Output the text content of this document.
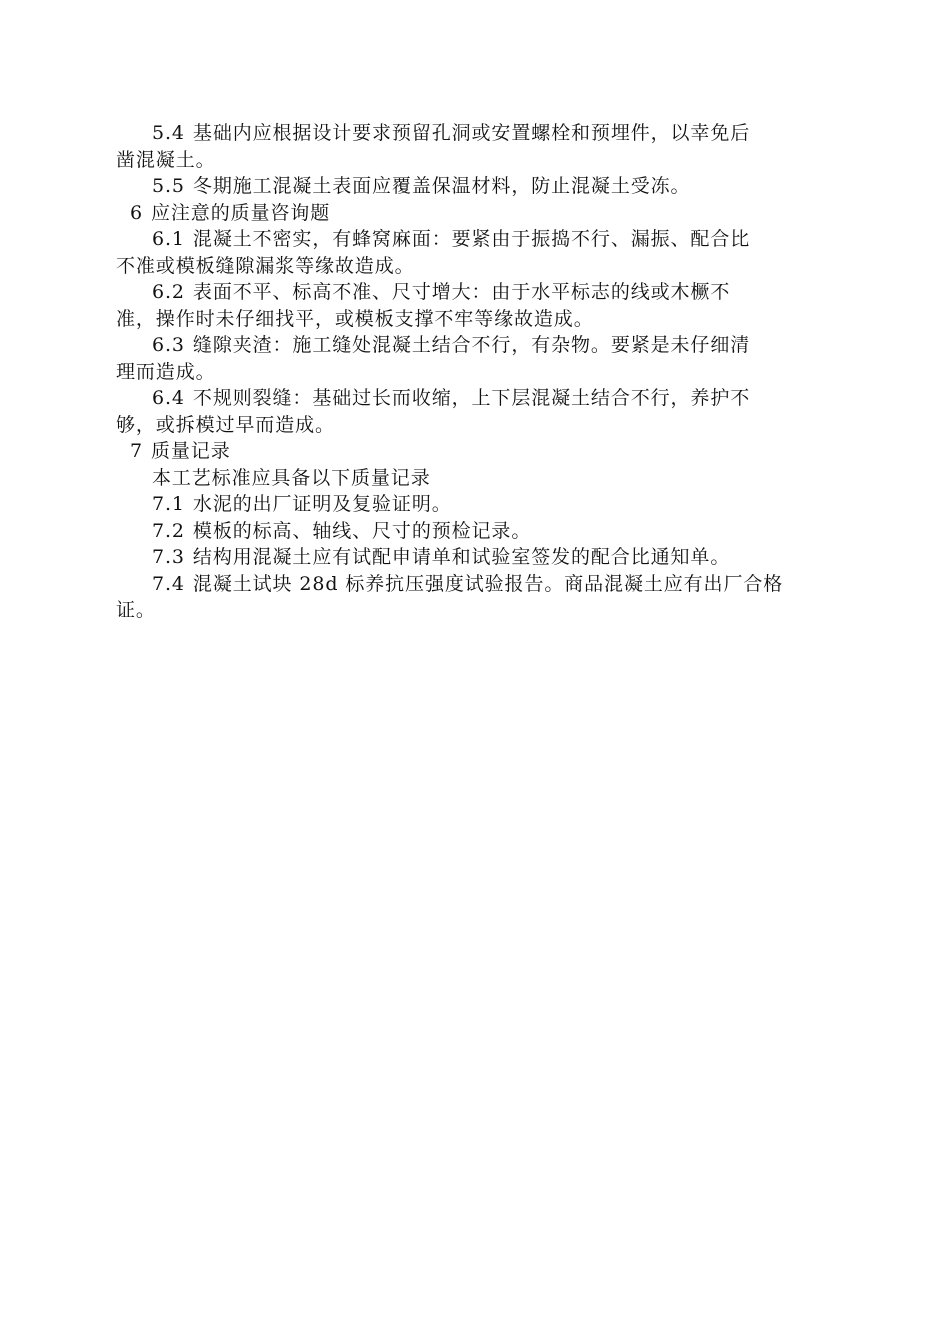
5.4 基础内应根据设计要求预留孔洞或安置螺栓和预埋件，以幸免后
凿混凝土。
5.5 冬期施工混凝土表面应覆盖保温材料，防止混凝土受冻。
6 应注意的质量咨询题
6.1 混凝土不密实，有蜂窝麻面：要紧由于振捣不行、漏振、配合比
不准或模板缝隙漏浆等缘故造成。
6.2 表面不平、标高不准、尺寸增大：由于水平标志的线或木橛不
准，操作时未仔细找平，或模板支撑不牢等缘故造成。
6.3 缝隙夹渣：施工缝处混凝土结合不行，有杂物。要紧是未仔细清
理而造成。
6.4 不规则裂缝：基础过长而收缩，上下层混凝土结合不行，养护不
够，或拆模过早而造成。
7 质量记录
本工艺标准应具备以下质量记录
7.1 水泥的出厂证明及复验证明。
7.2 模板的标高、轴线、尺寸的预检记录。
7.3 结构用混凝土应有试配申请单和试验室签发的配合比通知单。
7.4 混凝土试块 28d 标养抗压强度试验报告。商品混凝土应有出厂合格
证。
